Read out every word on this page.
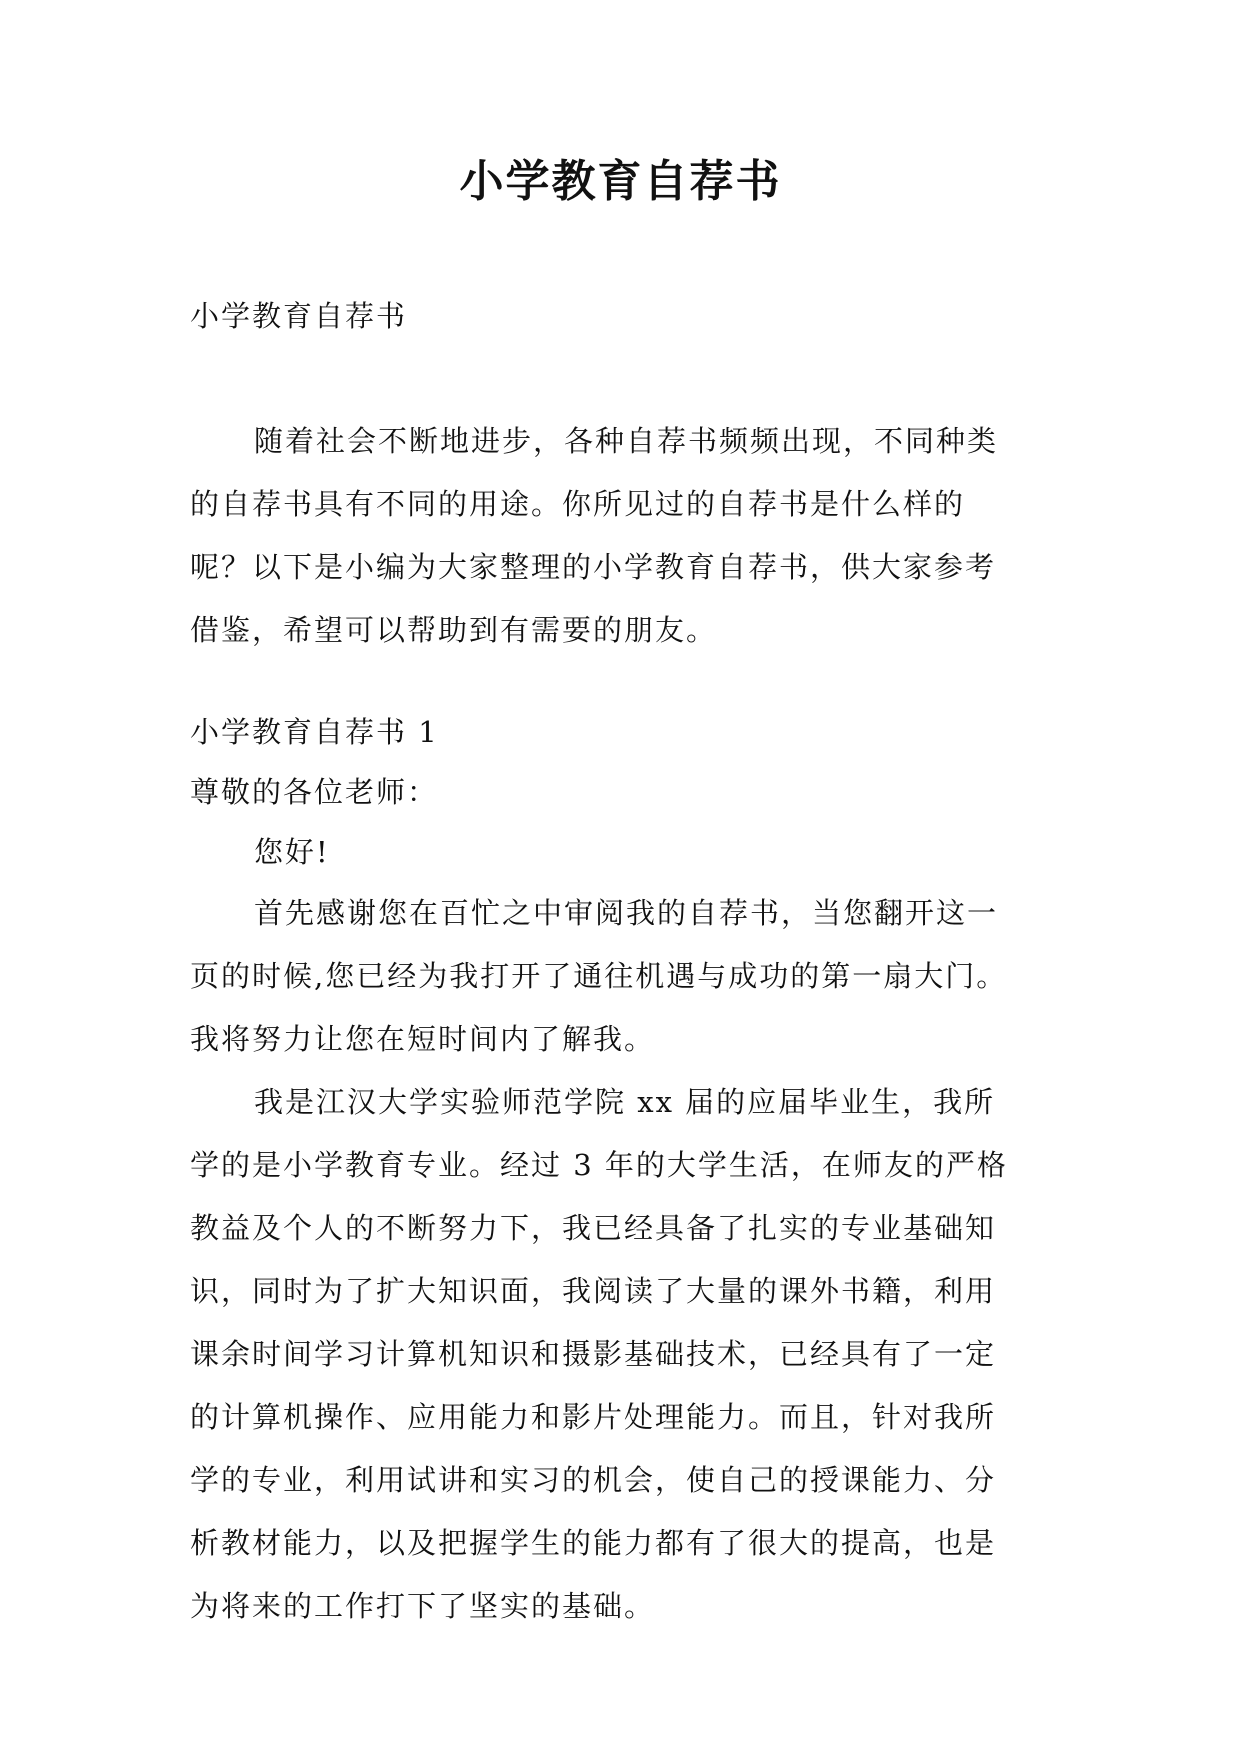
小学教育自荐书
小学教育自荐书
随着社会不断地进步，各种自荐书频频出现，不同种类
的自荐书具有不同的用途。你所见过的自荐书是什么样的
呢？以下是小编为大家整理的小学教育自荐书，供大家参考
借鉴，希望可以帮助到有需要的朋友。
小学教育自荐书 1
尊敬的各位老师：
您好!
首先感谢您在百忙之中审阅我的自荐书，当您翻开这一
页的时候,您已经为我打开了通往机遇与成功的第一扇大门。
我将努力让您在短时间内了解我。
我是江汉大学实验师范学院 xx 届的应届毕业生，我所
学的是小学教育专业。经过 3 年的大学生活，在师友的严格
教益及个人的不断努力下，我已经具备了扎实的专业基础知
识，同时为了扩大知识面，我阅读了大量的课外书籍，利用
课余时间学习计算机知识和摄影基础技术，已经具有了一定
的计算机操作、应用能力和影片处理能力。而且，针对我所
学的专业，利用试讲和实习的机会，使自己的授课能力、分
析教材能力，以及把握学生的能力都有了很大的提高，也是
为将来的工作打下了坚实的基础。
